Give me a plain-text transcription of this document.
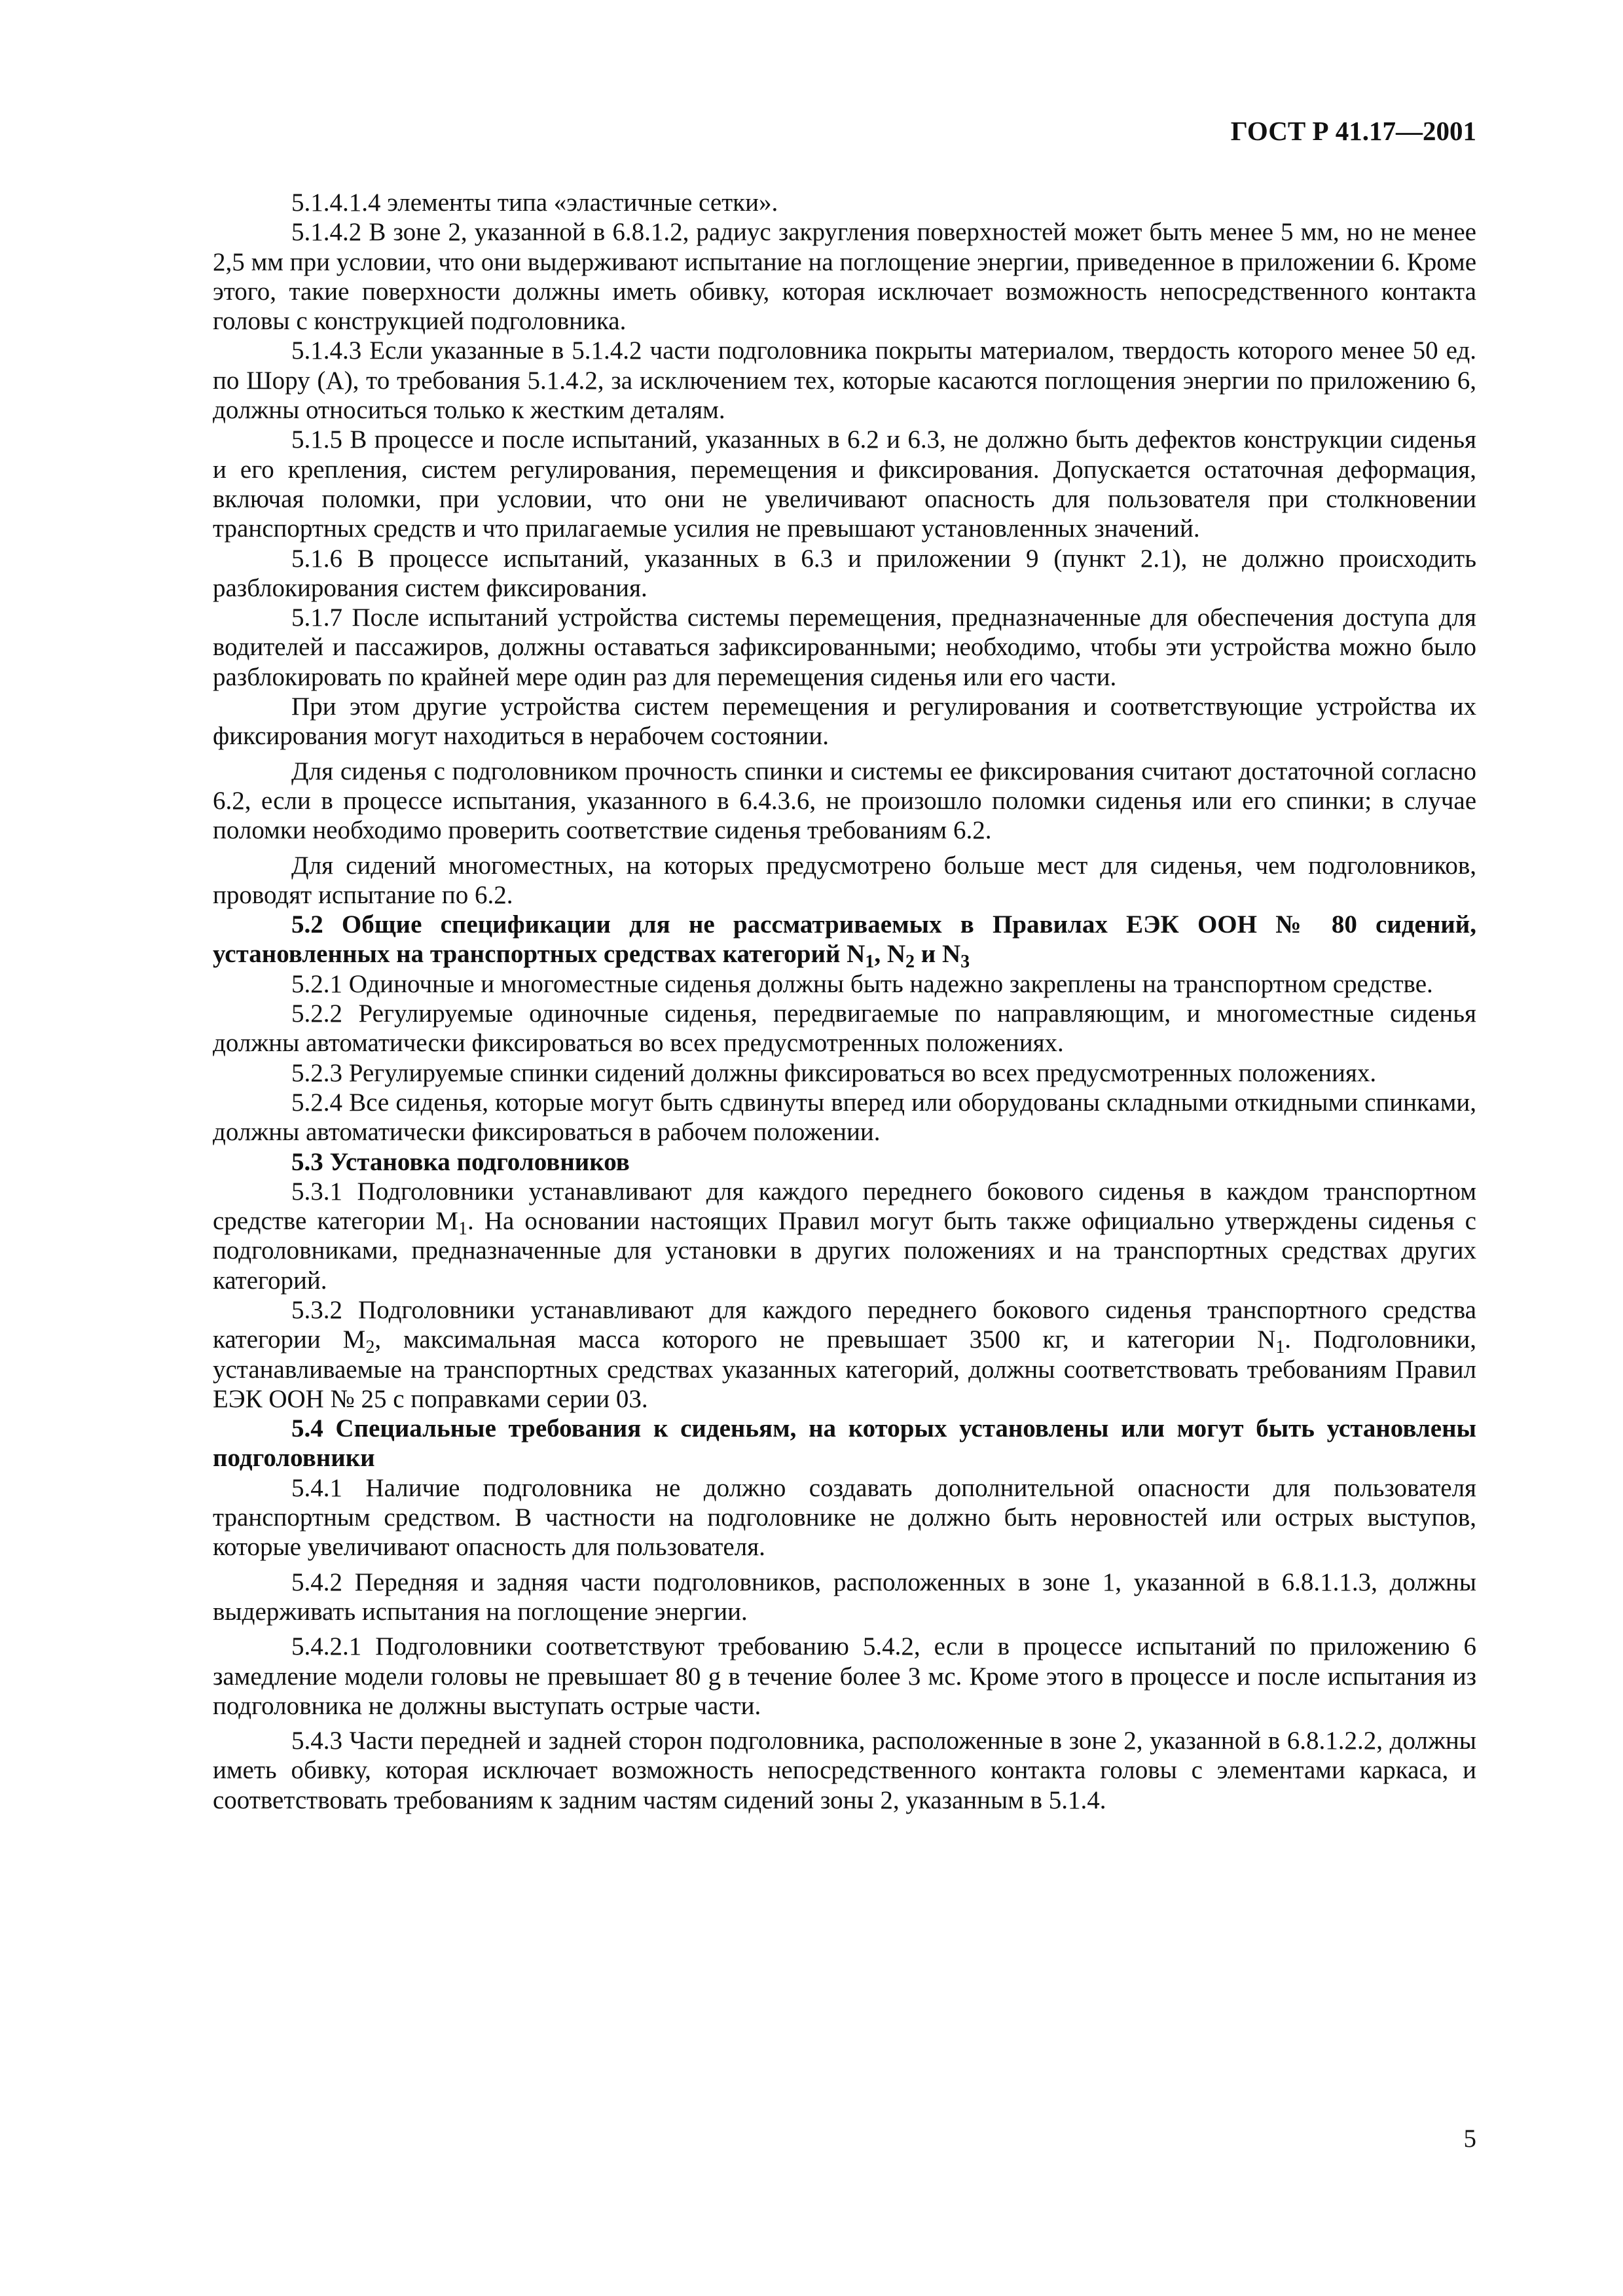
ГОСТ Р 41.17—2001

5.1.4.1.4 элементы типа «эластичные сетки».

5.1.4.2 В зоне 2, указанной в 6.8.1.2, радиус закругления поверхностей может быть менее 5 мм, но не менее 2,5 мм при условии, что они выдерживают испытание на поглощение энергии, приведенное в приложении 6. Кроме этого, такие поверхности должны иметь обивку, которая исключает возможность непосредственного контакта головы с конструкцией подголовника.

5.1.4.3 Если указанные в 5.1.4.2 части подголовника покрыты материалом, твердость которого менее 50 ед. по Шору (А), то требования 5.1.4.2, за исключением тех, которые касаются поглощения энергии по приложению 6, должны относиться только к жестким деталям.

5.1.5 В процессе и после испытаний, указанных в 6.2 и 6.3, не должно быть дефектов конструкции сиденья и его крепления, систем регулирования, перемещения и фиксирования. Допускается остаточная деформация, включая поломки, при условии, что они не увеличивают опасность для пользователя при столкновении транспортных средств и что прилагаемые усилия не превышают установленных значений.

5.1.6 В процессе испытаний, указанных в 6.3 и приложении 9 (пункт 2.1), не должно происходить разблокирования систем фиксирования.

5.1.7 После испытаний устройства системы перемещения, предназначенные для обеспечения доступа для водителей и пассажиров, должны оставаться зафиксированными; необходимо, чтобы эти устройства можно было разблокировать по крайней мере один раз для перемещения сиденья или его части.

При этом другие устройства систем перемещения и регулирования и соответствующие устройства их фиксирования могут находиться в нерабочем состоянии.

Для сиденья с подголовником прочность спинки и системы ее фиксирования считают достаточной согласно 6.2, если в процессе испытания, указанного в 6.4.3.6, не произошло поломки сиденья или его спинки; в случае поломки необходимо проверить соответствие сиденья требованиям 6.2.

Для сидений многоместных, на которых предусмотрено больше мест для сиденья, чем подголовников, проводят испытание по 6.2.

5.2 Общие спецификации для не рассматриваемых в Правилах ЕЭК ООН № 80 сидений, установленных на транспортных средствах категорий $N_1$, $N_2$ и $N_3$

5.2.1 Одиночные и многоместные сиденья должны быть надежно закреплены на транспортном средстве.

5.2.2 Регулируемые одиночные сиденья, передвигаемые по направляющим, и многоместные сиденья должны автоматически фиксироваться во всех предусмотренных положениях.

5.2.3 Регулируемые спинки сидений должны фиксироваться во всех предусмотренных положениях.

5.2.4 Все сиденья, которые могут быть сдвинуты вперед или оборудованы складными откидными спинками, должны автоматически фиксироваться в рабочем положении.

5.3 Установка подголовников

5.3.1 Подголовники устанавливают для каждого переднего бокового сиденья в каждом транспортном средстве категории $M_1$. На основании настоящих Правил могут быть также официально утверждены сиденья с подголовниками, предназначенные для установки в других положениях и на транспортных средствах других категорий.

5.3.2 Подголовники устанавливают для каждого переднего бокового сиденья транспортного средства категории $M_2$, максимальная масса которого не превышает 3500 кг, и категории $N_1$. Подголовники, устанавливаемые на транспортных средствах указанных категорий, должны соответствовать требованиям Правил ЕЭК ООН № 25 с поправками серии 03.

5.4 Специальные требования к сиденьям, на которых установлены или могут быть установлены подголовники

5.4.1 Наличие подголовника не должно создавать дополнительной опасности для пользователя транспортным средством. В частности на подголовнике не должно быть неровностей или острых выступов, которые увеличивают опасность для пользователя.

5.4.2 Передняя и задняя части подголовников, расположенных в зоне 1, указанной в 6.8.1.1.3, должны выдерживать испытания на поглощение энергии.

5.4.2.1 Подголовники соответствуют требованию 5.4.2, если в процессе испытаний по приложению 6 замедление модели головы не превышает 80 g в течение более 3 мс. Кроме этого в процессе и после испытания из подголовника не должны выступать острые части.

5.4.3 Части передней и задней сторон подголовника, расположенные в зоне 2, указанной в 6.8.1.2.2, должны иметь обивку, которая исключает возможность непосредственного контакта головы с элементами каркаса, и соответствовать требованиям к задним частям сидений зоны 2, указанным в 5.1.4.

5
